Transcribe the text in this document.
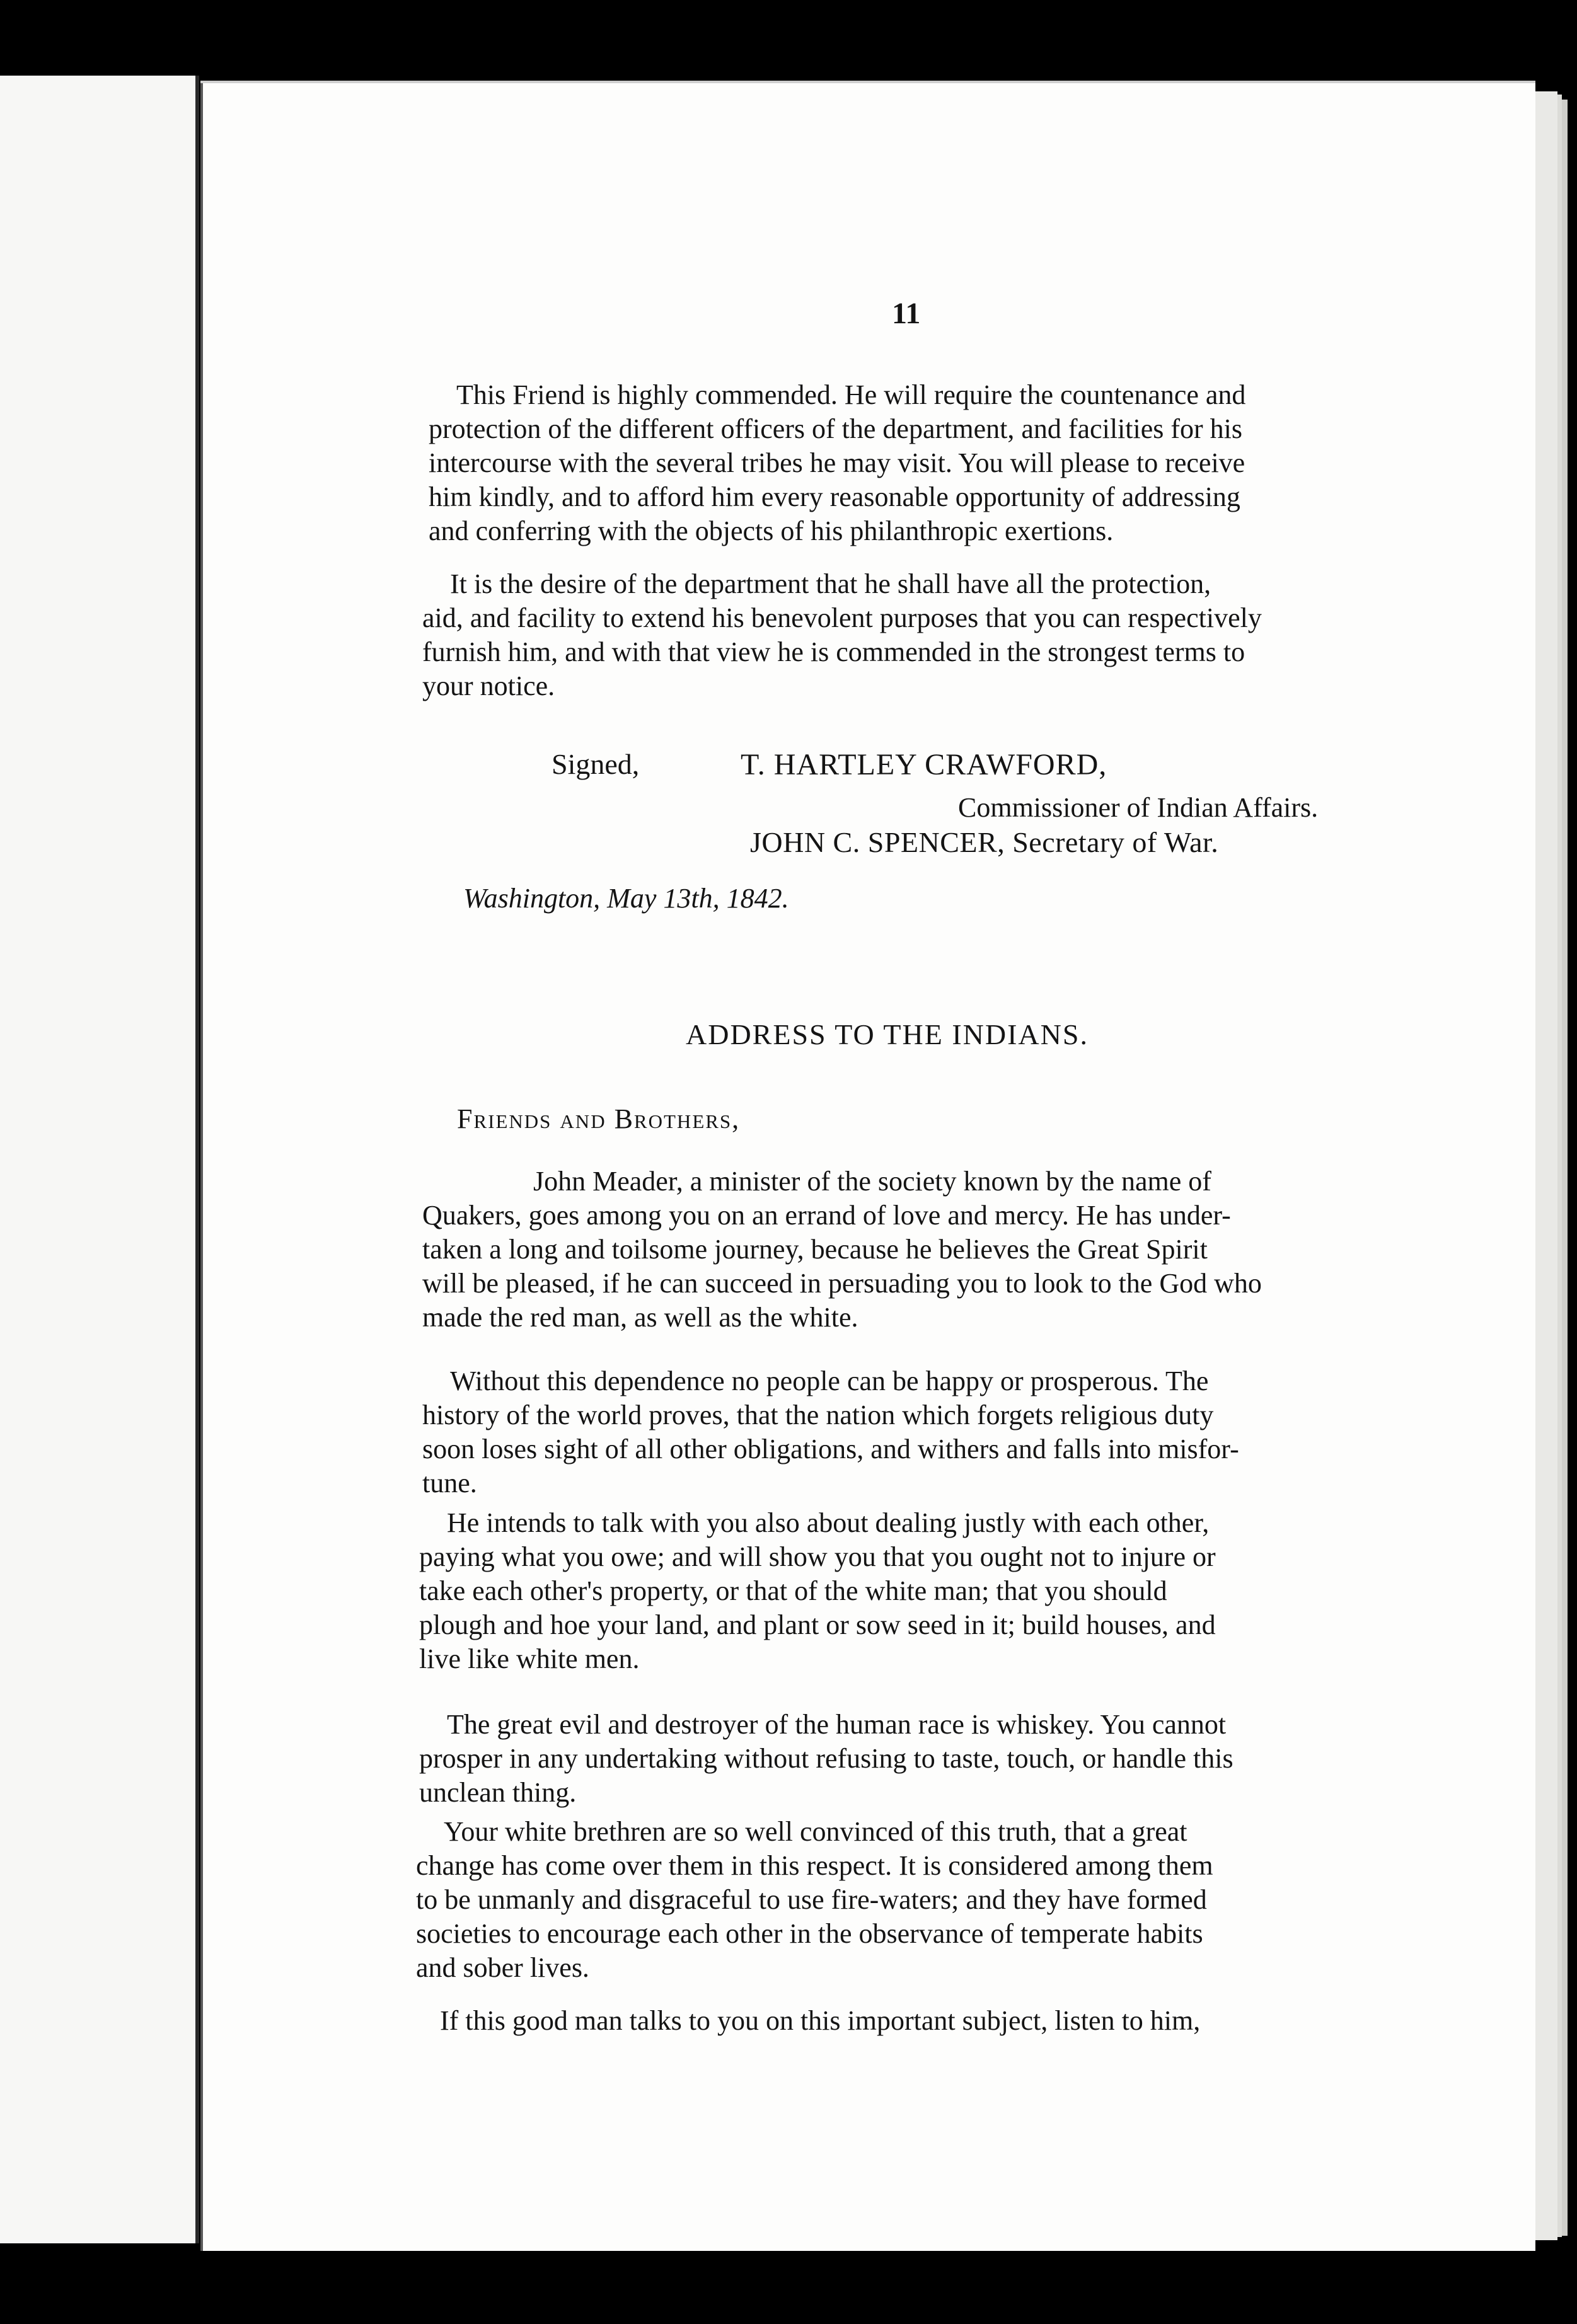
11
 This Friend is highly commended. He will require the countenance and
protection of the different officers of the department, and facilities for his
intercourse with the several tribes he may visit. You will please to receive
him kindly, and to afford him every reasonable opportunity of addressing
and conferring with the objects of his philanthropic exertions.
 It is the desire of the department that he shall have all the protection,
aid, and facility to extend his benevolent purposes that you can respectively
furnish him, and with that view he is commended in the strongest terms to
your notice.
Signed,	T. HARTLEY CRAWFORD,
Commissioner of Indian Affairs.
JOHN C. SPENCER, Secretary of War.
Washington, May 13th, 1842.
ADDRESS TO THE INDIANS.
Friends and Brothers,
    John Meader, a minister of the society known by the name of
Quakers, goes among you on an errand of love and mercy. He has under-
taken a long and toilsome journey, because he believes the Great Spirit
will be pleased, if he can succeed in persuading you to look to the God who
made the red man, as well as the white.
 Without this dependence no people can be happy or prosperous. The
history of the world proves, that the nation which forgets religious duty
soon loses sight of all other obligations, and withers and falls into misfor-
tune.
 He intends to talk with you also about dealing justly with each other,
paying what you owe; and will show you that you ought not to injure or
take each other's property, or that of the white man; that you should
plough and hoe your land, and plant or sow seed in it; build houses, and
live like white men.
 The great evil and destroyer of the human race is whiskey. You cannot
prosper in any undertaking without refusing to taste, touch, or handle this
unclean thing.
 Your white brethren are so well convinced of this truth, that a great
change has come over them in this respect. It is considered among them
to be unmanly and disgraceful to use fire-waters; and they have formed
societies to encourage each other in the observance of temperate habits
and sober lives.
If this good man talks to you on this important subject, listen to him,
